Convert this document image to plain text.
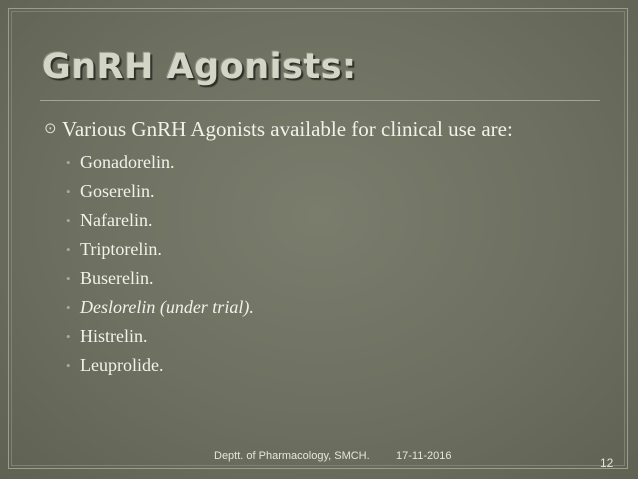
GnRH Agonists:
⊙ Various GnRH Agonists available for clinical use are:
• Gonadorelin.
• Goserelin.
• Nafarelin.
• Triptorelin.
• Buserelin.
• Deslorelin (under trial).
• Histrelin.
• Leuprolide.
Deptt. of Pharmacology, SMCH. 17-11-2016	12
